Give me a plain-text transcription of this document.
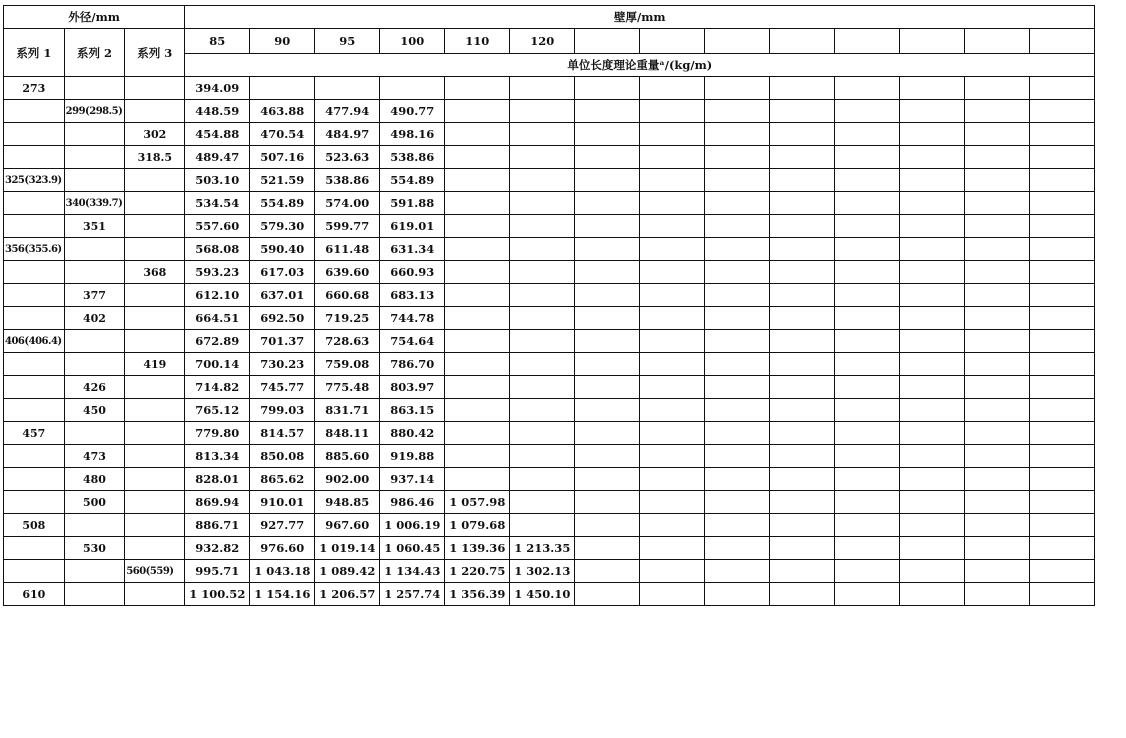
外径/mm			壁厚/mm													
系列 1	系列 2	系列 3	85	90	95	100	110	120								
			单位长度理论重量ᵃ/(kg/m)													
273			394.09													
	299(298.5)		448.59	463.88	477.94	490.77										
		302	454.88	470.54	484.97	498.16										
		318.5	489.47	507.16	523.63	538.86										
325(323.9)			503.10	521.59	538.86	554.89										
	340(339.7)		534.54	554.89	574.00	591.88										
	351		557.60	579.30	599.77	619.01										
356(355.6)			568.08	590.40	611.48	631.34										
		368	593.23	617.03	639.60	660.93										
	377		612.10	637.01	660.68	683.13										
	402		664.51	692.50	719.25	744.78										
406(406.4)			672.89	701.37	728.63	754.64										
		419	700.14	730.23	759.08	786.70										
	426		714.82	745.77	775.48	803.97										
	450		765.12	799.03	831.71	863.15										
457			779.80	814.57	848.11	880.42										
	473		813.34	850.08	885.60	919.88										
	480		828.01	865.62	902.00	937.14										
	500		869.94	910.01	948.85	986.46	1 057.98									
508			886.71	927.77	967.60	1 006.19	1 079.68									
	530		932.82	976.60	1 019.14	1 060.45	1 139.36	1 213.35								
		560(559)	995.71	1 043.18	1 089.42	1 134.43	1 220.75	1 302.13								
610			1 100.52	1 154.16	1 206.57	1 257.74	1 356.39	1 450.10								
